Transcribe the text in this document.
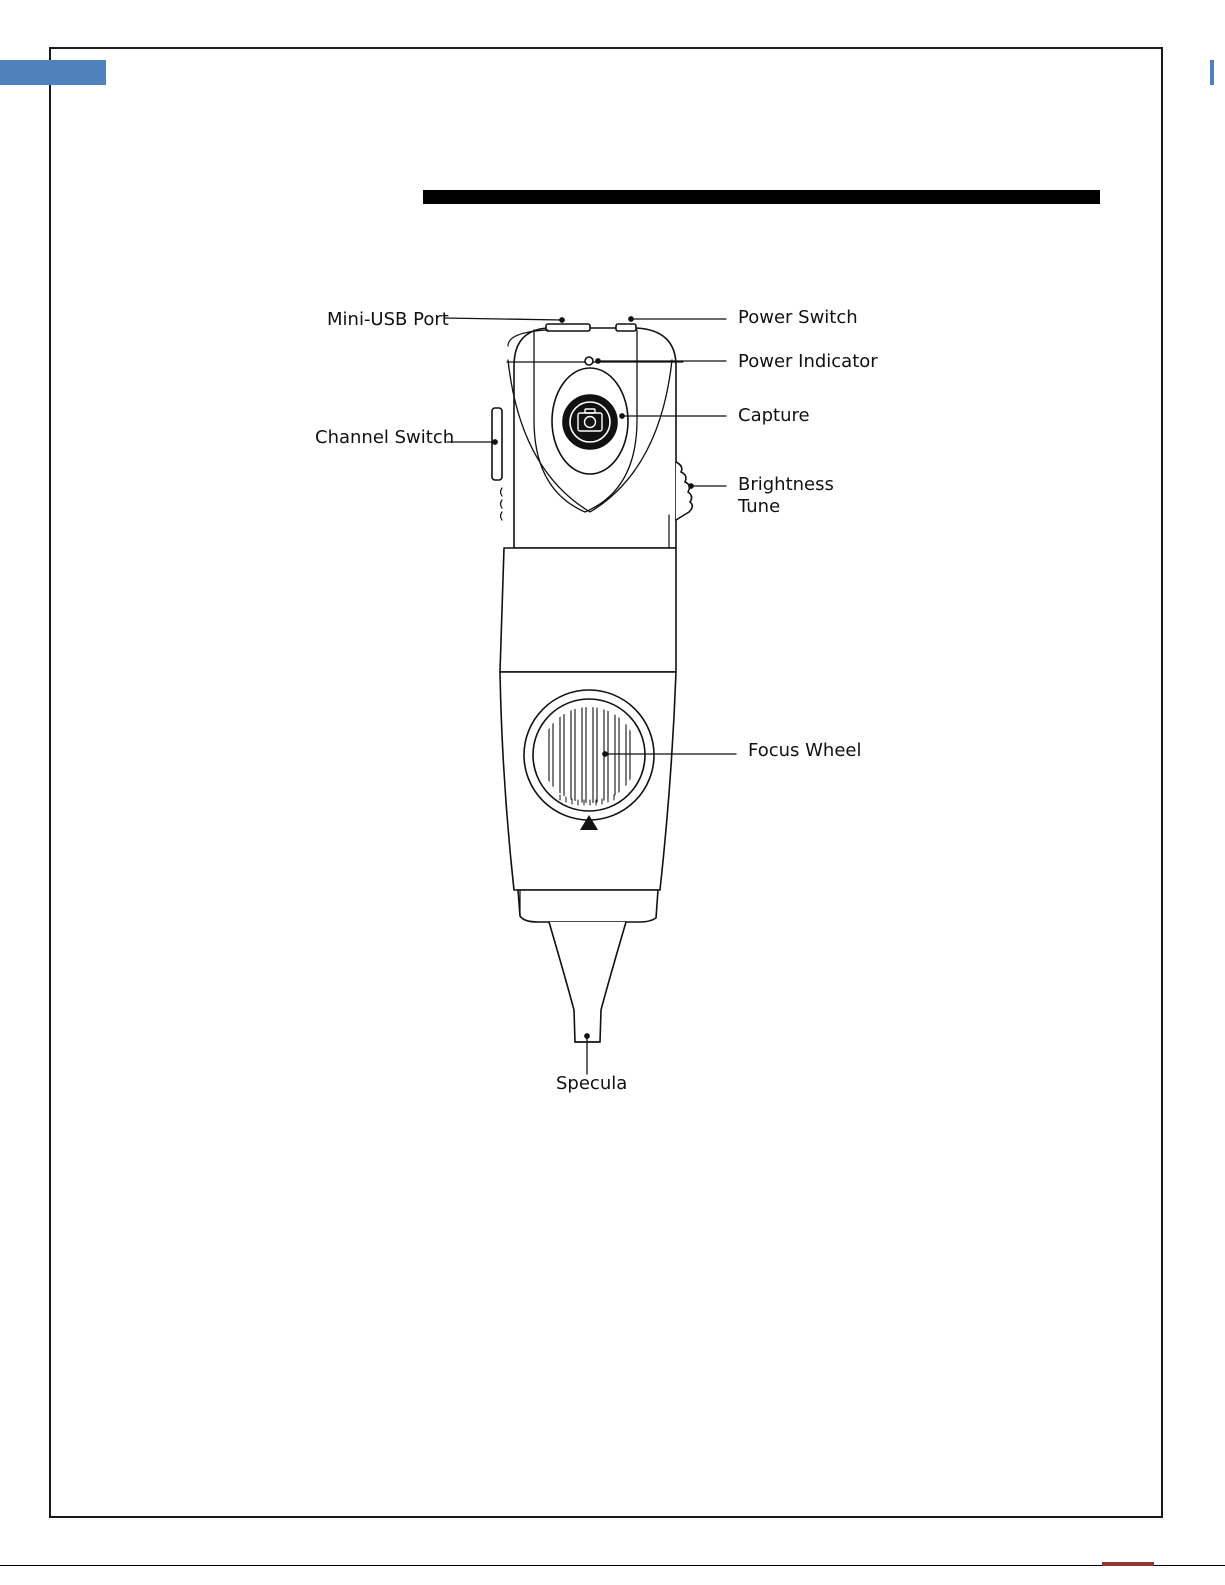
Mini-USB Port	Power Switch
Power Indicator
Capture
Channel Switch
Brightness
Tune
Focus Wheel
Specula
